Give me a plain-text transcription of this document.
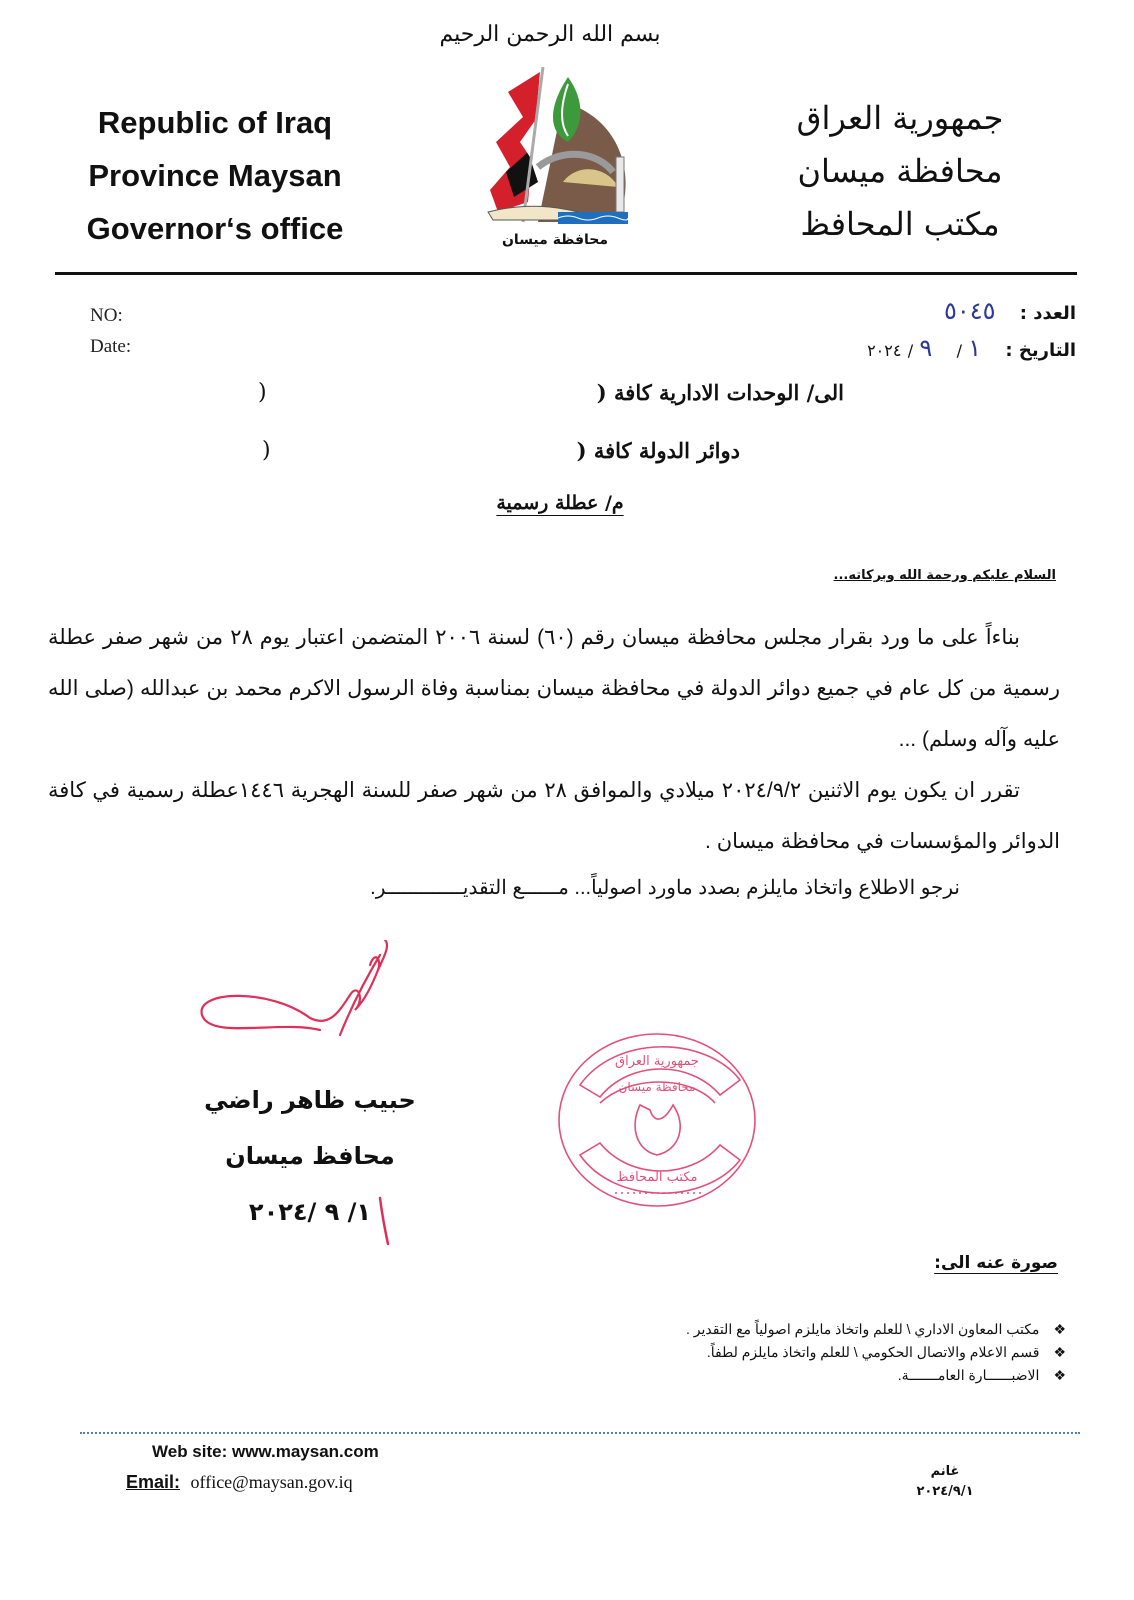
بسم الله الرحمن الرحيم
Republic of Iraq
Province Maysan
Governor‘s office	محافظة ميسان
جمهورية العراق
محافظة ميسان
مكتب المحافظ
NO:
Date:
العدد : ٥٠٤٥
التاريخ : ١ / ٩ / ٢٠٢٤
الى/ الوحدات الادارية كافة (
)
دوائر الدولة كافة (
)
م/ عطلة رسمية
السلام عليكم ورحمة الله وبركاته...

بناءاً على ما ورد بقرار مجلس محافظة ميسان رقم (٦٠) لسنة ٢٠٠٦ المتضمن اعتبار يوم ٢٨ من شهر صفر عطلة رسمية من كل عام في جميع دوائر الدولة في محافظة ميسان بمناسبة وفاة الرسول الاكرم محمد بن عبدالله (صلى الله عليه وآله وسلم) ...

تقرر ان يكون يوم الاثنين ٢٠٢٤/٩/٢ ميلادي والموافق ٢٨ من شهر صفر للسنة الهجرية ١٤٤٦عطلة رسمية في كافة الدوائر والمؤسسات في محافظة ميسان .

نرجو الاطلاع واتخاذ مايلزم بصدد ماورد اصولياً... مــــــع التقديـــــــــــــر.
حبيب ظاهر راضي
محافظ ميسان
١/ ٩ /٢٠٢٤
جمهورية العراق
محافظة ميسان
مكتب المحافظ
صورة عنه الى:
❖
مكتب المعاون الاداري \ للعلم واتخاذ مايلزم اصولياً مع التقدير .
❖
قسم الاعلام والاتصال الحكومي \ للعلم واتخاذ مايلزم لطفاً.
❖
الاضبــــــارة العامـــــــة.
Web site: www.maysan.com
Email: office@maysan.gov.iq
غانم
٢٠٢٤/٩/١
